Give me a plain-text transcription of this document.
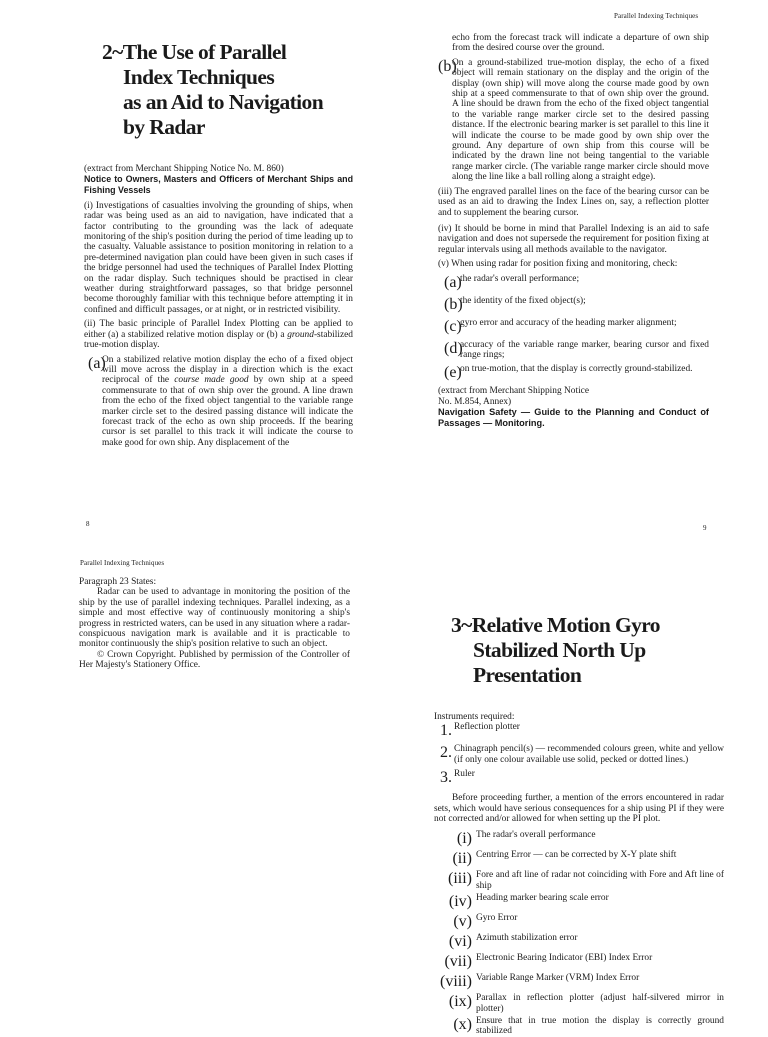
2~The Use of Parallel
Index Techniques
as an Aid to Navigation
by Radar

(extract from Merchant Shipping Notice No. M. 860)

Notice to Owners, Masters and Officers of Merchant Ships and Fishing Vessels

(i) Investigations of casualties involving the grounding of ships, when radar was being used as an aid to navigation, have indicated that a factor contributing to the grounding was the lack of adequate monitoring of the ship's position during the period of time leading up to the casualty. Valuable assistance to position monitoring in relation to a pre-determined navigation plan could have been given in such cases if the bridge personnel had used the techniques of Parallel Index Plotting on the radar display. Such techniques should be practised in clear weather during straightforward passages, so that bridge personnel become thoroughly familiar with this technique before attempting it in confined and difficult passages, or at night, or in restricted visibility.

(ii) The basic principle of Parallel Index Plotting can be applied to either (a) a stabilized relative motion display or (b) a ground-stabilized true-motion display.

(a)

On a stabilized relative motion display the echo of a fixed object will move across the display in a direction which is the exact reciprocal of the course made good by own ship at a speed commensurate to that of own ship over the ground. A line drawn from the echo of the fixed object tangential to the variable range marker circle set to the desired passing distance will indicate the forecast track of the echo as own ship proceeds. If the bearing cursor is set parallel to this track it will indicate the course to make good for own ship. Any displacement of the

8
Parallel Indexing Techniques

echo from the forecast track will indicate a departure of own ship from the desired course over the ground.

(b)

On a ground-stabilized true-motion display, the echo of a fixed object will remain stationary on the display and the origin of the display (own ship) will move along the course made good by own ship at a speed commensurate to that of own ship over the ground. A line should be drawn from the echo of the fixed object tangential to the variable range marker circle set to the desired passing distance. If the electronic bearing marker is set parallel to this line it will indicate the course to be made good by own ship over the ground. Any departure of own ship from this course will be indicated by the drawn line not being tangential to the variable range marker circle. (The variable range marker circle should move along the line like a ball rolling along a straight edge).

(iii) The engraved parallel lines on the face of the bearing cursor can be used as an aid to drawing the Index Lines on, say, a reflection plotter and to supplement the bearing cursor.

(iv) It should be borne in mind that Parallel Indexing is an aid to safe navigation and does not supersede the requirement for position fixing at regular intervals using all methods available to the navigator.

(v) When using radar for position fixing and monitoring, check:

(a)

the radar's overall performance;

(b)

the identity of the fixed object(s);

(c)

gyro error and accuracy of the heading marker alignment;

(d)

accuracy of the variable range marker, bearing cursor and fixed range rings;

(e)

on true-motion, that the display is correctly ground-stabilized.

(extract from Merchant Shipping Notice

No. M.854, Annex)

Navigation Safety — Guide to the Planning and Conduct of Passages — Monitoring.

9
Parallel Indexing Techniques

Paragraph 23 States:

Radar can be used to advantage in monitoring the position of the ship by the use of parallel indexing techniques. Parallel indexing, as a simple and most effective way of continuously monitoring a ship's progress in restricted waters, can be used in any situation where a radar-conspicuous navigation mark is available and it is practicable to monitor continuously the ship's position relative to such an object.

© Crown Copyright. Published by permission of the Controller of Her Majesty's Stationery Office.

3~Relative Motion Gyro
Stabilized North Up
Presentation

Instruments required:

1. Reflection plotter

2. Chinagraph pencil(s) — recommended colours green, white and yellow (if only one colour available use solid, pecked or dotted lines.)

3. Ruler

Before proceeding further, a mention of the errors encountered in radar sets, which would have serious consequences for a ship using PI if they were not corrected and/or allowed for when setting up the PI plot.

(i) The radar's overall performance

(ii) Centring Error — can be corrected by X-Y plate shift

(iii) Fore and aft line of radar not coinciding with Fore and Aft line of ship

(iv) Heading marker bearing scale error

(v) Gyro Error

(vi) Azimuth stabilization error

(vii) Electronic Bearing Indicator (EBI) Index Error

(viii) Variable Range Marker (VRM) Index Error

(ix) Parallax in reflection plotter (adjust half-silvered mirror in plotter)

(x) Ensure that in true motion the display is correctly ground stabilized
